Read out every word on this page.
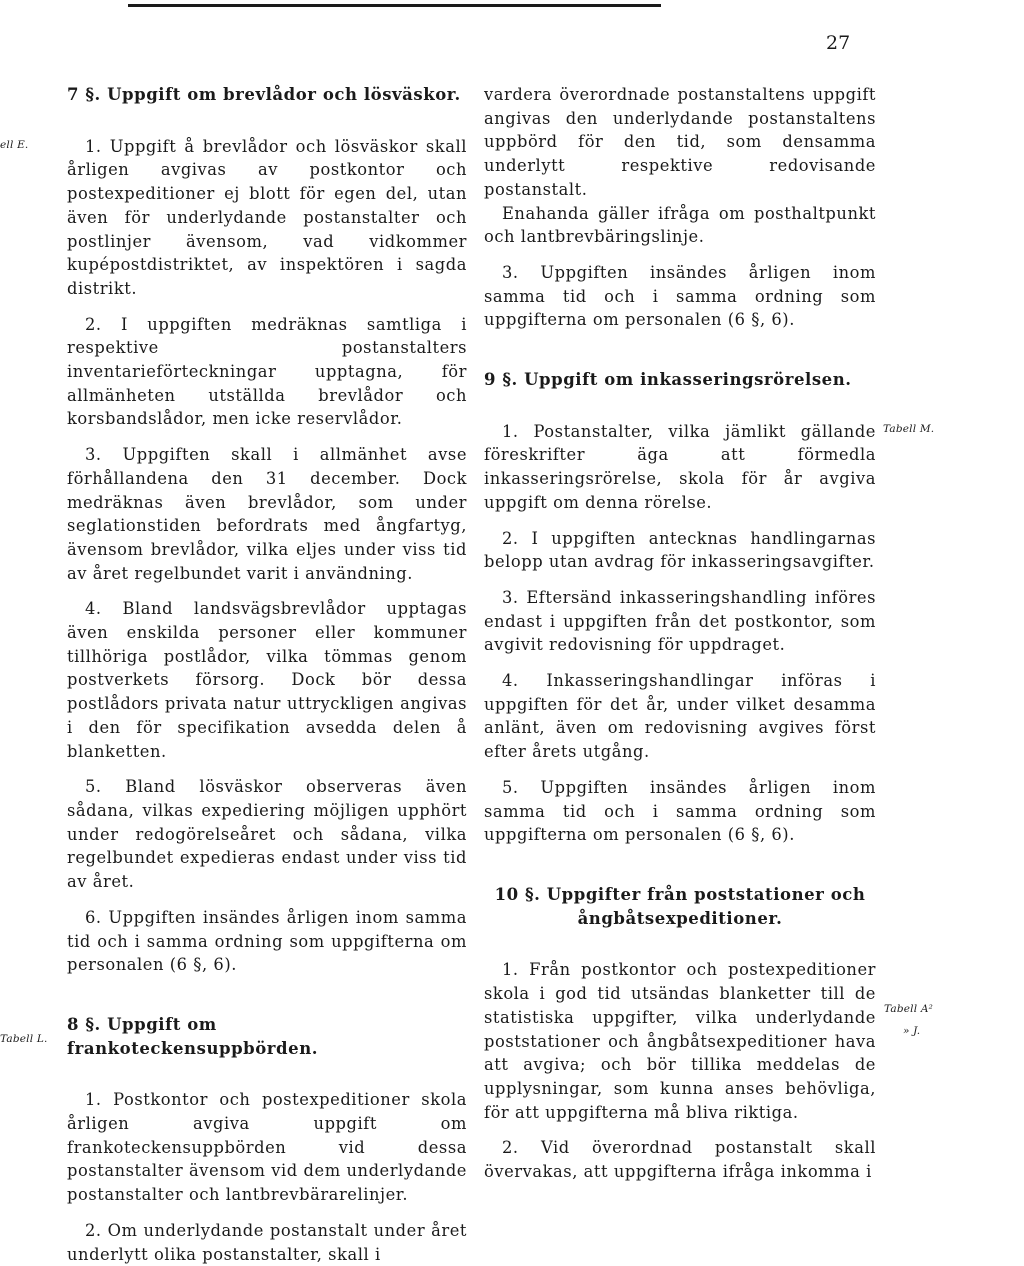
27
ell E.
Tabell L.
Tabell M.
Tabell A²
» J.

7 §. Uppgift om brevlådor och lösväskor.

1. Uppgift å brevlådor och lösväskor skall årligen avgivas av postkontor och postexpeditioner ej blott för egen del, utan även för underlydande postanstalter och postlinjer ävensom, vad vidkommer kupépostdistriktet, av inspektören i sagda distrikt.

2. I uppgiften medräknas samtliga i respektive postanstalters inventarieförteckningar upptagna, för allmänheten utställda brevlådor och korsbandslådor, men icke reservlådor.

3. Uppgiften skall i allmänhet avse förhållandena den 31 december. Dock medräknas även brevlådor, som under seglationstiden befordrats med ångfartyg, ävensom brevlådor, vilka eljes under viss tid av året regelbundet varit i användning.

4. Bland landsvägsbrevlådor upptagas även enskilda personer eller kommuner tillhöriga postlådor, vilka tömmas genom postverkets försorg. Dock bör dessa postlådors privata natur uttryckligen angivas i den för specifikation avsedda delen å blanketten.

5. Bland lösväskor observeras även sådana, vilkas expediering möjligen upphört under redogörelseåret och sådana, vilka regelbundet expedieras endast under viss tid av året.

6. Uppgiften insändes årligen inom samma tid och i samma ordning som uppgifterna om personalen (6 §, 6).

8 §. Uppgift om frankoteckensuppbörden.

1. Postkontor och postexpeditioner skola årligen avgiva uppgift om frankoteckensuppbörden vid dessa postanstalter ävensom vid dem underlydande postanstalter och lantbrevbärarelinjer.

2. Om underlydande postanstalt under året underlytt olika postanstalter, skall i

vardera överordnade postanstaltens uppgift angivas den underlydande postanstaltens uppbörd för den tid, som densamma underlytt respektive redovisande postanstalt.

Enahanda gäller ifråga om posthaltpunkt och lantbrevbäringslinje.

3. Uppgiften insändes årligen inom samma tid och i samma ordning som uppgifterna om personalen (6 §, 6).

9 §. Uppgift om inkasseringsrörelsen.

1. Postanstalter, vilka jämlikt gällande föreskrifter äga att förmedla inkasseringsrörelse, skola för år avgiva uppgift om denna rörelse.

2. I uppgiften antecknas handlingarnas belopp utan avdrag för inkasseringsavgifter.

3. Eftersänd inkasseringshandling införes endast i uppgiften från det postkontor, som avgivit redovisning för uppdraget.

4. Inkasseringshandlingar införas i uppgiften för det år, under vilket desamma anlänt, även om redovisning avgives först efter årets utgång.

5. Uppgiften insändes årligen inom samma tid och i samma ordning som uppgifterna om personalen (6 §, 6).

10 §. Uppgifter från poststationer och

ångbåtsexpeditioner.

1. Från postkontor och postexpeditioner skola i god tid utsändas blanketter till de statistiska uppgifter, vilka underlydande poststationer och ångbåtsexpeditioner hava att avgiva; och bör tillika meddelas de upplysningar, som kunna anses behövliga, för att uppgifterna må bliva riktiga.

2. Vid överordnad postanstalt skall övervakas, att uppgifterna ifråga inkomma i
